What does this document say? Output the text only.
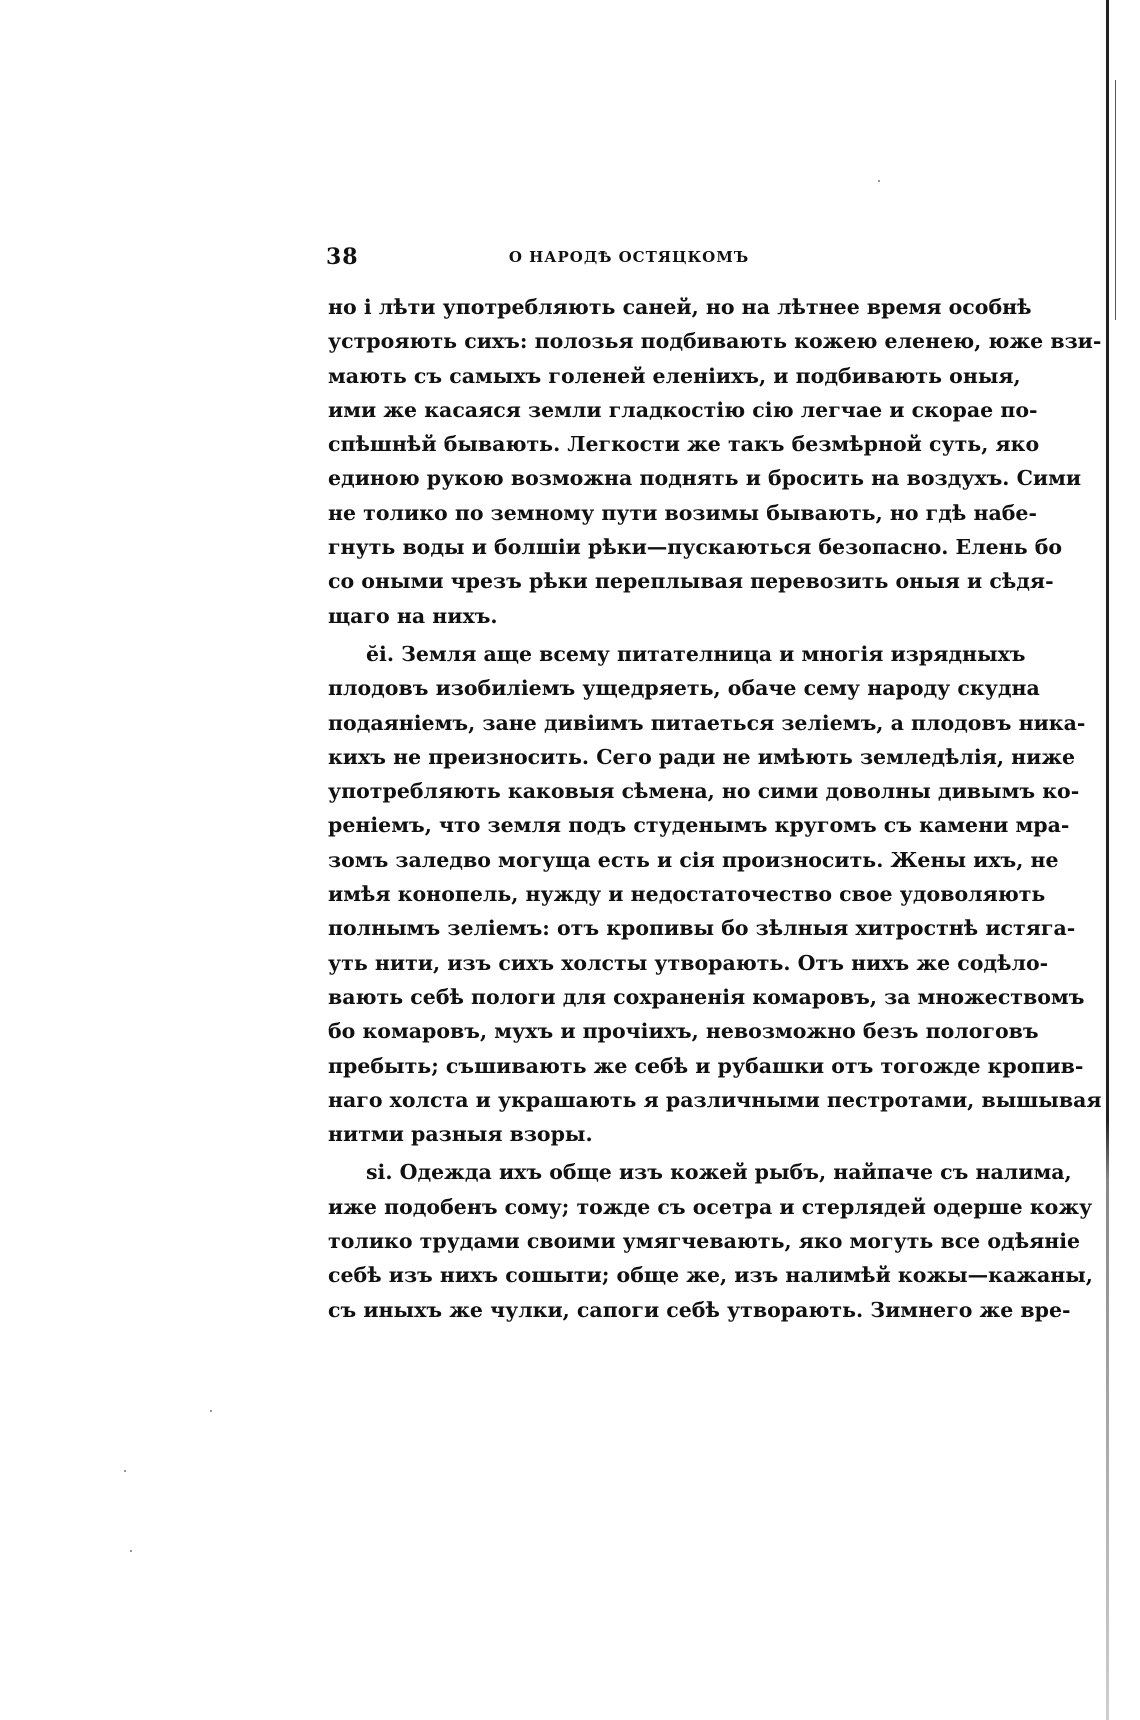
38	О НАРОДѢ ОСТЯЦКОМЪ
но і лѣти употребляють саней, но на лѣтнее время особнѣ
устрояють сихъ: полозья подбивають кожею еленею, юже взи-
мають съ самыхъ голеней еленіихъ, и подбивають оныя,
ими же касаяся земли гладкостію сію легчае и скорае по-
спѣшнѣй бывають. Легкости же такъ безмѣрной суть, яко
единою рукою возможна поднять и бросить на воздухъ. Сими
не толико по земному пути возимы бывають, но гдѣ набе-
гнуть воды и болшіи рѣки—пускаються безопасно. Елень бо
со оными чрезъ рѣки переплывая перевозить оныя и сѣдя-
щаго на нихъ.
ӗі. Земля аще всему питателница и многія изрядныхъ
плодовъ изобиліемъ ущедряеть, обаче сему народу скудна
подаяніемъ, зане дивіимъ питаеться зеліемъ, а плодовъ никa-
кихъ не преизносить. Сего ради не имѣють земледѣлія, ниже
употребляють каковыя сѣмена, но сими доволны дивымъ ко-
реніемъ, что земля подъ студенымъ кругомъ съ камени мра-
зомъ заледво могуща есть и сія произносить. Жены ихъ, не
имѣя конопель, нужду и недостаточество свое удоволяють
полнымъ зеліемъ: отъ кропивы бо зѣлныя хитростнѣ истяга-
уть нити, изъ сихъ холсты утворають. Отъ нихъ же содѣло-
вають себѣ пологи для сохраненія комаровъ, за множествомъ
бо комаровъ, мухъ и прочіихъ, невозможно безъ пологовъ
пребыть; съшивають же себѣ и рубашки отъ тогожде кропив-
наго холста и украшають я различными пестротами, вышывая
нитми разныя взоры.
ѕі. Одежда ихъ обще изъ кожей рыбъ, найпаче съ налима,
иже подобенъ сому; тожде съ осетра и стерлядей одерше кожу
толико трудами своими умягчевають, яко могуть все одѣяніе
себѣ изъ нихъ сошыти; обще же, изъ налимѣй кожы—кажаны,
съ иныхъ же чулки, сапоги себѣ утворають. Зимнего же вре-
